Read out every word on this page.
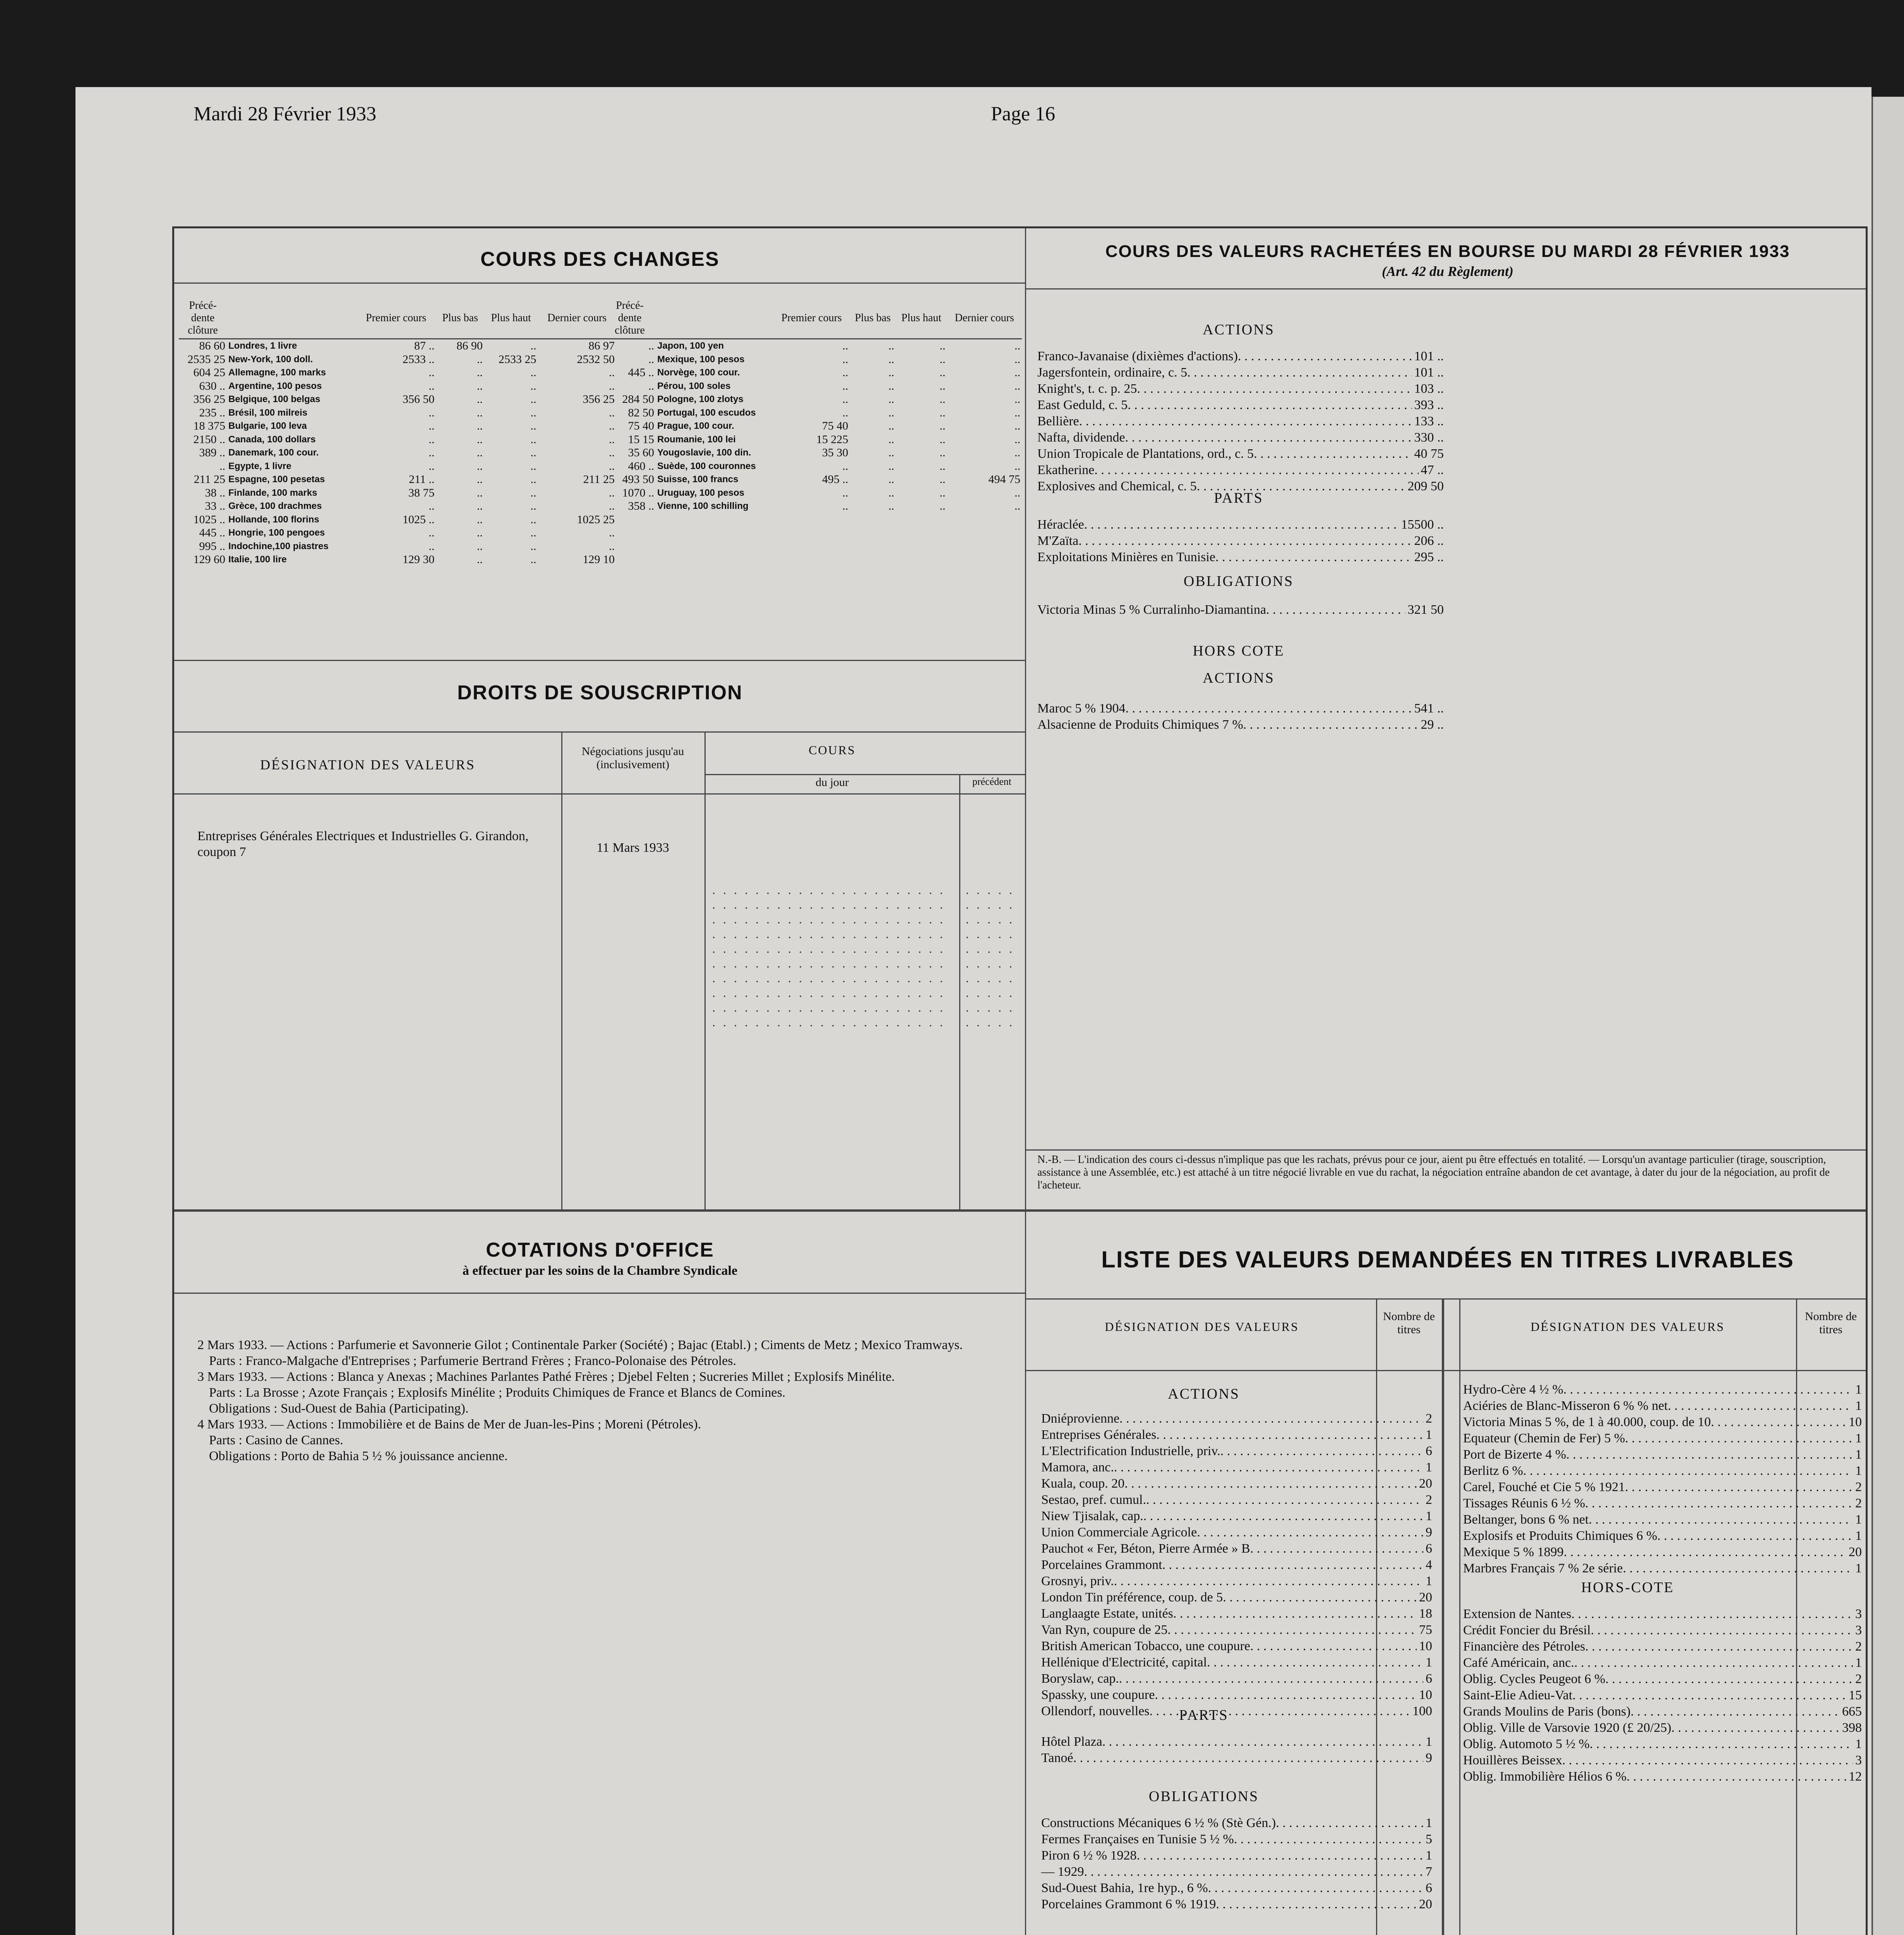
Mardi 28 Février 1933	Page 16
COURS DES CHANGES
Précé-dente clôture		Premier cours	Plus bas	Plus haut	Dernier cours
86 60	Londres, 1 livre	87 ..	86 90	..	86 97
2535 25	New-York, 100 doll.	2533 ..	..	2533 25	2532 50
604 25	Allemagne, 100 marks	..	..	..	..
630 ..	Argentine, 100 pesos	..	..	..	..
356 25	Belgique, 100 belgas	356 50	..	..	356 25
235 ..	Brésil, 100 milreis	..	..	..	..
18 375	Bulgarie, 100 leva	..	..	..	..
2150 ..	Canada, 100 dollars	..	..	..	..
389 ..	Danemark, 100 cour.	..	..	..	..
..	Egypte, 1 livre	..	..	..	..
211 25	Espagne, 100 pesetas	211 ..	..	..	211 25
38 ..	Finlande, 100 marks	38 75	..	..	..
33 ..	Grèce, 100 drachmes	..	..	..	..
1025 ..	Hollande, 100 florins	1025 ..	..	..	1025 25
445 ..	Hongrie, 100 pengoes	..	..	..	..
995 ..	Indochine,100 piastres	..	..	..	..
129 60	Italie, 100 lire	129 30	..	..	129 10
Précé-dente clôture		Premier cours	Plus bas	Plus haut	Dernier cours
..	Japon, 100 yen	..	..	..	..
..	Mexique, 100 pesos	..	..	..	..
445 ..	Norvège, 100 cour.	..	..	..	..
..	Pérou, 100 soles	..	..	..	..
284 50	Pologne, 100 zlotys	..	..	..	..
82 50	Portugal, 100 escudos	..	..	..	..
75 40	Prague, 100 cour.	75 40	..	..	..
15 15	Roumanie, 100 lei	15 225	..	..	..
35 60	Yougoslavie, 100 din.	35 30	..	..	..
460 ..	Suède, 100 couronnes	..	..	..	..
493 50	Suisse, 100 francs	495 ..	..	..	494 75
1070 ..	Uruguay, 100 pesos	..	..	..	..
358 ..	Vienne, 100 schilling	..	..	..	..
DROITS DE SOUSCRIPTION
DÉSIGNATION DES VALEURS
Négociations jusqu'au (inclusivement)
COURS
du jour	précédent

Entreprises Générales Electriques et Industrielles G. Girandon, coupon 7	11 Mars 1933

. . . . . . . . . . . . . . . . . . . . . . . . . . . . . . . . . . . . . . . . . . . . . . . . . . . . . . . . . . . . . . . . . . . . . . . . . . . . . . . . . . . . . . . . . . . . . . . . . . . . . . . . . . . . . . . . . . . . . . . . . . . . . . . . . . . . . . . . . . . . . . . . . . . . . . . . . . . . . . . . . . . . . . . . . . . . . . . . . . . . . . . . . . . . . . . . . . . . . . . . . . . . . . . . . . . . . . . . . . . .
. . . . . . . . . . . . . . . . . . . . . . . . . . . . . . . . . . . . . . . . . . . . . . . . . .
COURS DES VALEURS RACHETÉES EN BOURSE DU MARDI 28 FÉVRIER 1933
(Art. 42 du Règlement)
ACTIONS
Franco-Javanaise (dixièmes d'actions) . . .	101 ..
Jagersfontein, ordinaire, c. 5 . . .	101 ..
Knight's, t. c. p. 25 . . .	103 ..
East Geduld, c. 5 . . .	393 ..
Bellière . . .	133 ..
Nafta, dividende . . .	330 ..
Union Tropicale de Plantations, ord., c. 5 . . .	40 75
Ekatherine . . .	47 ..
Explosives and Chemical, c. 5 . . .	209 50
PARTS
Héraclée . . .	15500 ..
M'Zaïta . . .	206 ..
Exploitations Minières en Tunisie . . .	295 ..
OBLIGATIONS
Victoria Minas 5 % Curralinho-Diamantina . . .	321 50
HORS COTE
ACTIONS
Maroc 5 % 1904 . . .	541 ..
Alsacienne de Produits Chimiques 7 % . . .	29 ..

N.-B. — L'indication des cours ci-dessus n'implique pas que les rachats, prévus pour ce jour, aient pu être effectués en totalité. — Lorsqu'un avantage particulier (tirage, souscription, assistance à une Assemblée, etc.) est attaché à un titre négocié livrable en vue du rachat, la négociation entraîne abandon de cet avantage, à dater du jour de la négociation, au profit de l'acheteur.

COTATIONS D'OFFICE
à effectuer par les soins de la Chambre Syndicale

2 Mars 1933. — Actions : Parfumerie et Savonnerie Gilot ; Continentale Parker (Société) ; Bajac (Etabl.) ; Ciments de Metz ; Mexico Tramways.

Parts : Franco-Malgache d'Entreprises ; Parfumerie Bertrand Frères ; Franco-Polonaise des Pétroles.

3 Mars 1933. — Actions : Blanca y Anexas ; Machines Parlantes Pathé Frères ; Djebel Felten ; Sucreries Millet ; Explosifs Minélite.

Parts : La Brosse ; Azote Français ; Explosifs Minélite ; Produits Chimiques de France et Blancs de Comines.

Obligations : Sud-Ouest de Bahia (Participating).

4 Mars 1933. — Actions : Immobilière et de Bains de Mer de Juan-les-Pins ; Moreni (Pétroles).

Parts : Casino de Cannes.

Obligations : Porto de Bahia 5 ½ % jouissance ancienne.

LISTE DES VALEURS DEMANDÉES EN TITRES LIVRABLES
DÉSIGNATION DES VALEURS
Nombre de titres	DÉSIGNATION DES VALEURS
Nombre de titres
ACTIONS
Dniéprovienne . . .	2
Entreprises Générales . . .	1
L'Electrification Industrielle, priv. . . .	6
Mamora, anc. . . .	1
Kuala, coup. 20 . . .	20
Sestao, pref. cumul. . . .	2
Niew Tjisalak, cap. . . .	1
Union Commerciale Agricole . . .	9
Pauchot « Fer, Béton, Pierre Armée » B . . .	6
Porcelaines Grammont . . .	4
Grosnyi, priv. . . .	1
London Tin préférence, coup. de 5 . . .	20
Langlaagte Estate, unités . . .	18
Van Ryn, coupure de 25 . . .	75
British American Tobacco, une coupure . . .	10
Hellénique d'Electricité, capital . . .	1
Boryslaw, cap. . . .	6
Spassky, une coupure . . .	10
Ollendorf, nouvelles . . .	100
PARTS
Hôtel Plaza . . .	1
Tanoé . . .	9
OBLIGATIONS
Constructions Mécaniques 6 ½ % (Stè Gén.) . . .	1
Fermes Françaises en Tunisie 5 ½ % . . .	5
Piron 6 ½ % 1928 . . .	1
— 1929 . . .	7
Sud-Ouest Bahia, 1re hyp., 6 % . . .	6
Porcelaines Grammont 6 % 1919 . . .	20
Hydro-Cère 4 ½ % . . .	1
Aciéries de Blanc-Misseron 6 % % net . . .	1
Victoria Minas 5 %, de 1 à 40.000, coup. de 10 . . .	10
Equateur (Chemin de Fer) 5 % . . .	1
Port de Bizerte 4 % . . .	1
Berlitz 6 % . . .	1
Carel, Fouché et Cie 5 % 1921 . . .	2
Tissages Réunis 6 ½ % . . .	2
Beltanger, bons 6 % net . . .	1
Explosifs et Produits Chimiques 6 % . . .	1
Mexique 5 % 1899 . . .	20
Marbres Français 7 % 2e série . . .	1
HORS-COTE
Extension de Nantes . . .	3
Crédit Foncier du Brésil . . .	3
Financière des Pétroles . . .	2
Café Américain, anc. . . .	1
Oblig. Cycles Peugeot 6 % . . .	2
Saint-Elie Adieu-Vat . . .	15
Grands Moulins de Paris (bons) . . .	665
Oblig. Ville de Varsovie 1920 (£ 20/25) . . .	398
Oblig. Automoto 5 ½ % . . .	1
Houillères Beissex . . .	3
Oblig. Immobilière Hélios 6 % . . .	12
